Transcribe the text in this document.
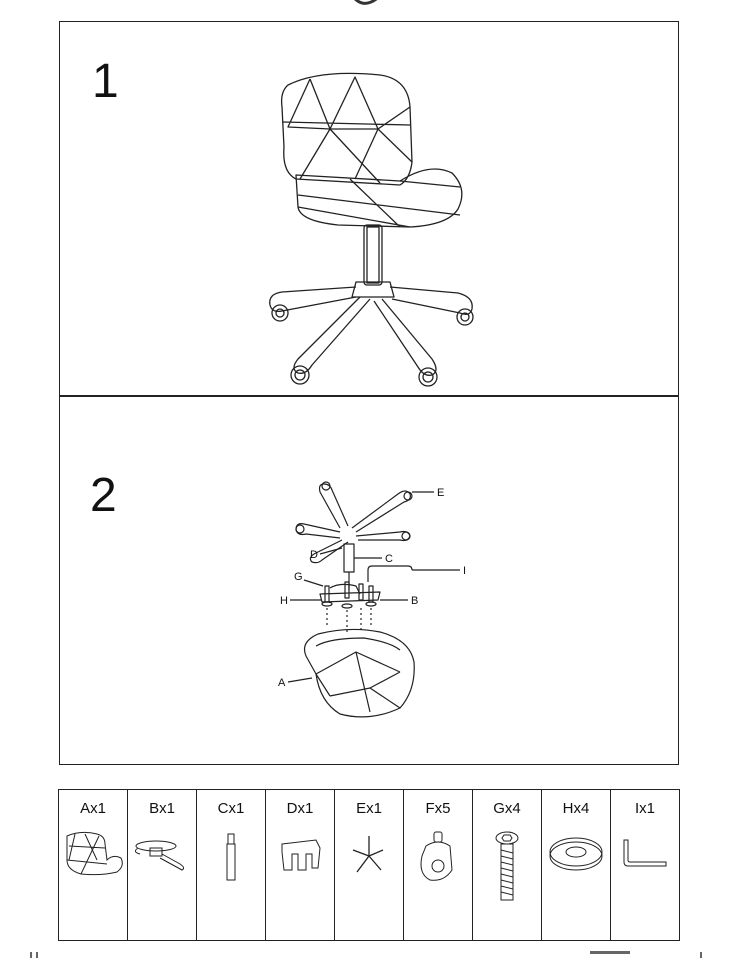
1
2	E
D	C
I
G
H	B
A
Ax1	Bx1	Cx1	Dx1	Ex1	Fx5	Gx4	Hx4	Ix1
